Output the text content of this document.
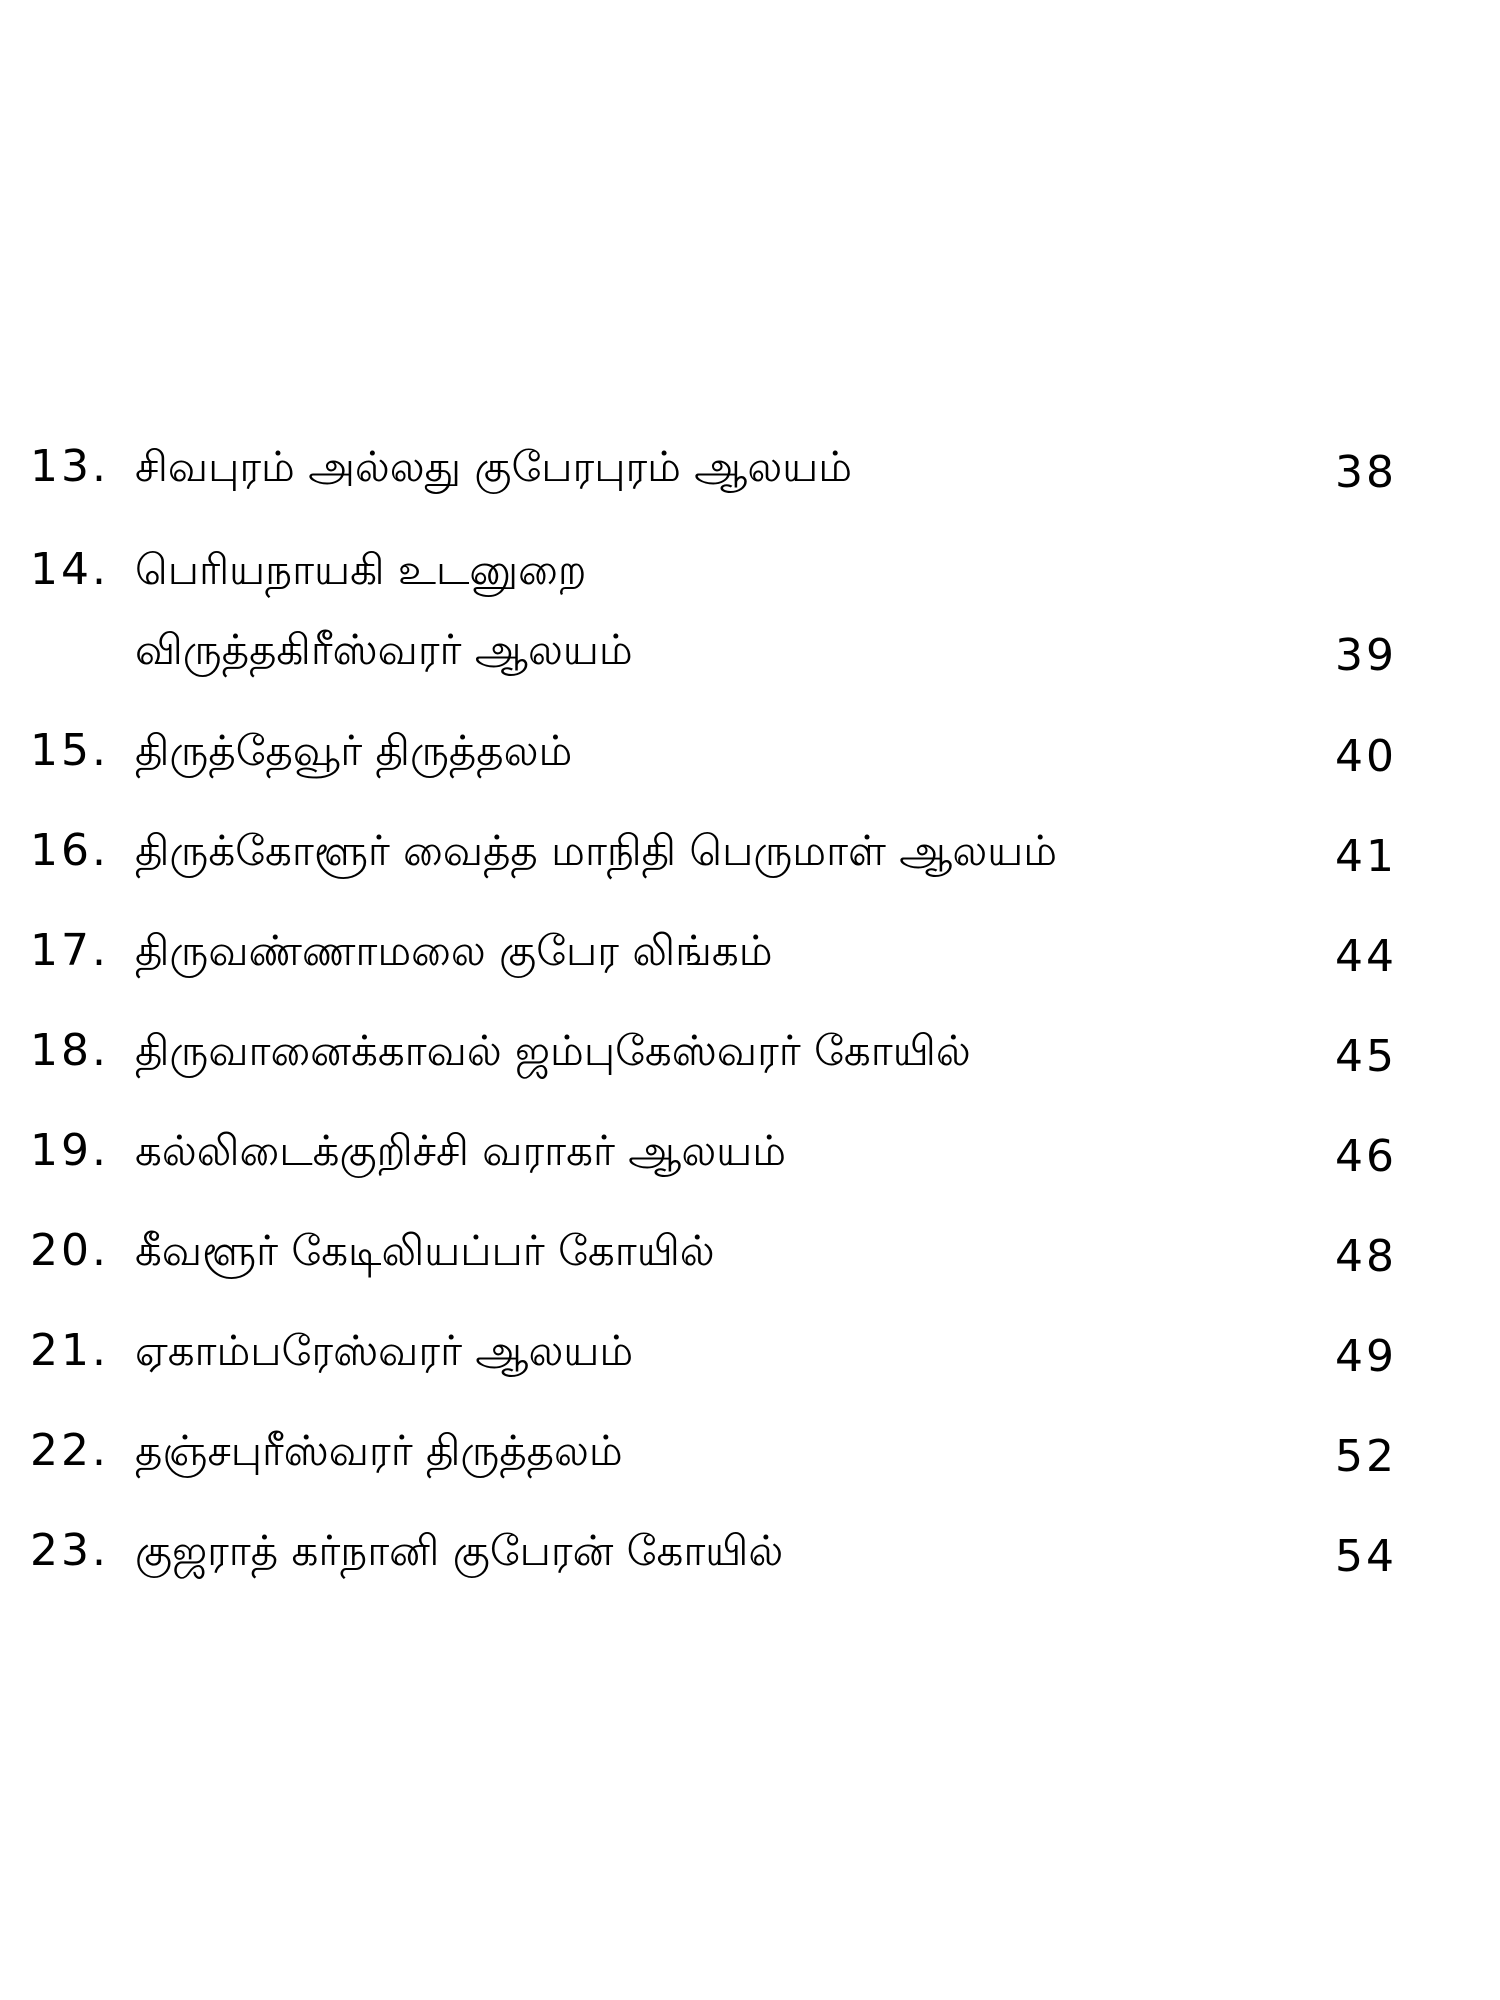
13. சிவபுரம் அல்லது குபேரபுரம் ஆலயம்	38
14. பெரியநாயகி உடனுறை
விருத்தகிரீஸ்வரர் ஆலயம்	39
15. திருத்தேவூர் திருத்தலம்	40
16. திருக்கோளூர் வைத்த மாநிதி பெருமாள் ஆலயம்	41
17. திருவண்ணாமலை குபேர லிங்கம்	44
18. திருவானைக்காவல் ஜம்புகேஸ்வரர் கோயில்	45
19. கல்லிடைக்குறிச்சி வராகர் ஆலயம்	46
20. கீவளூர் கேடிலியப்பர் கோயில்	48
21. ஏகாம்பரேஸ்வரர் ஆலயம்	49
22. தஞ்சபுரீஸ்வரர் திருத்தலம்	52
23. குஜராத் கர்நானி குபேரன் கோயில்	54
